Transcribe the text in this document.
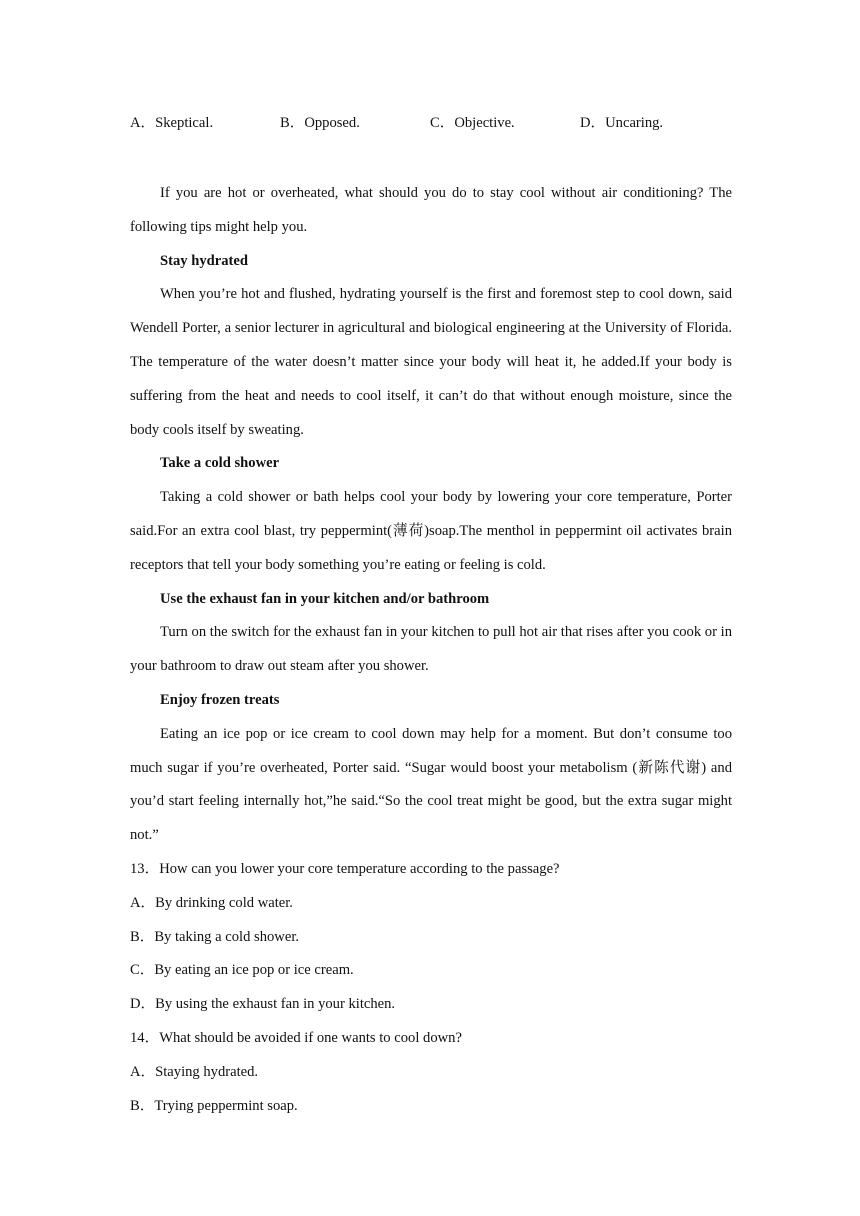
A．Skeptical.	B．Opposed.	C．Objective.	D．Uncaring.

If you are hot or overheated, what should you do to stay cool without air conditioning? The following tips might help you.

Stay hydrated

When you’re hot and flushed, hydrating yourself is the first and foremost step to cool down, said Wendell Porter, a senior lecturer in agricultural and biological engineering at the University of Florida. The temperature of the water doesn’t matter since your body will heat it, he added.If your body is suffering from the heat and needs to cool itself, it can’t do that without enough moisture, since the body cools itself by sweating.

Take a cold shower

Taking a cold shower or bath helps cool your body by lowering your core temperature, Porter said.For an extra cool blast, try peppermint(薄荷)soap.The menthol in peppermint oil activates brain receptors that tell your body something you’re eating or feeling is cold.

Use the exhaust fan in your kitchen and/or bathroom

Turn on the switch for the exhaust fan in your kitchen to pull hot air that rises after you cook or in your bathroom to draw out steam after you shower.

Enjoy frozen treats

Eating an ice pop or ice cream to cool down may help for a moment. But don’t consume too much sugar if you’re overheated, Porter said. “Sugar would boost your metabolism (新陈代谢) and you’d start feeling internally hot,”he said.“So the cool treat might be good, but the extra sugar might not.”

13．How can you lower your core temperature according to the passage?

A．By drinking cold water.

B．By taking a cold shower.

C．By eating an ice pop or ice cream.

D．By using the exhaust fan in your kitchen.

14．What should be avoided if one wants to cool down?

A．Staying hydrated.

B．Trying peppermint soap.
